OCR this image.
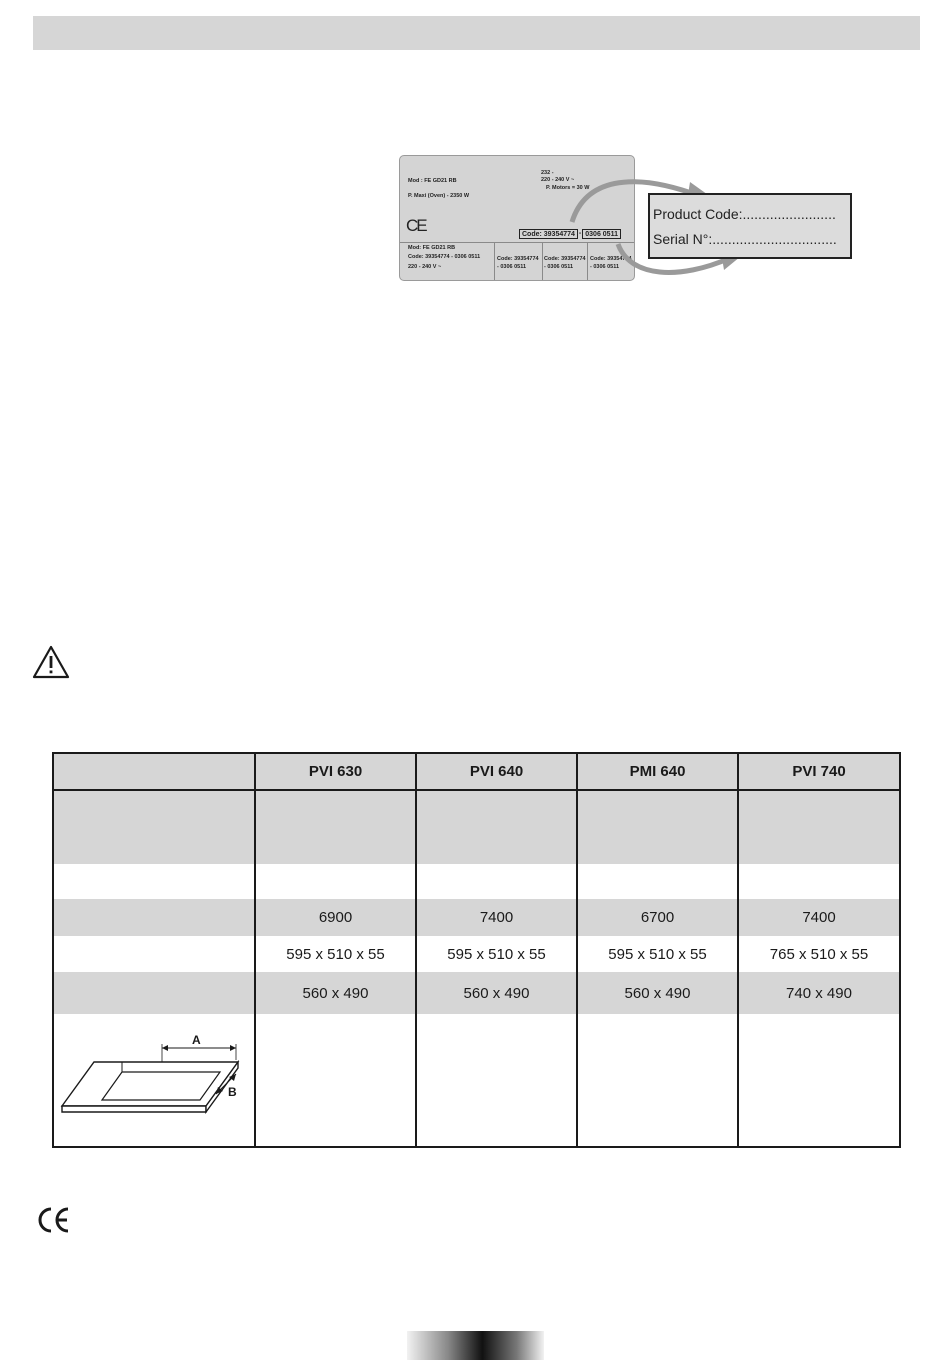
232 -
220 - 240 V ~
Mod : FE GD21 RB
P. Motors = 30 W
P. Maxi (Oven) - 2350 W
CE	Code: 39354774 - 0306 0511
Mod: FE GD21 RB
Code: 39354774 - 0306 0511
220 - 240 V ~
Code: 39354774
- 0306 0511
Code: 39354774
- 0306 0511
Code: 39354774
- 0306 0511
Product Code:........................
Serial N°:................................
	PVI 630	PVI 640	PMI 640	PVI 740

	6900	7400	6700	7400
	595 x 510 x 55	595 x 510 x 55	595 x 510 x 55	765 x 510 x 55
	560 x 490	560 x 490	560 x 490	740 x 490

A
B				
